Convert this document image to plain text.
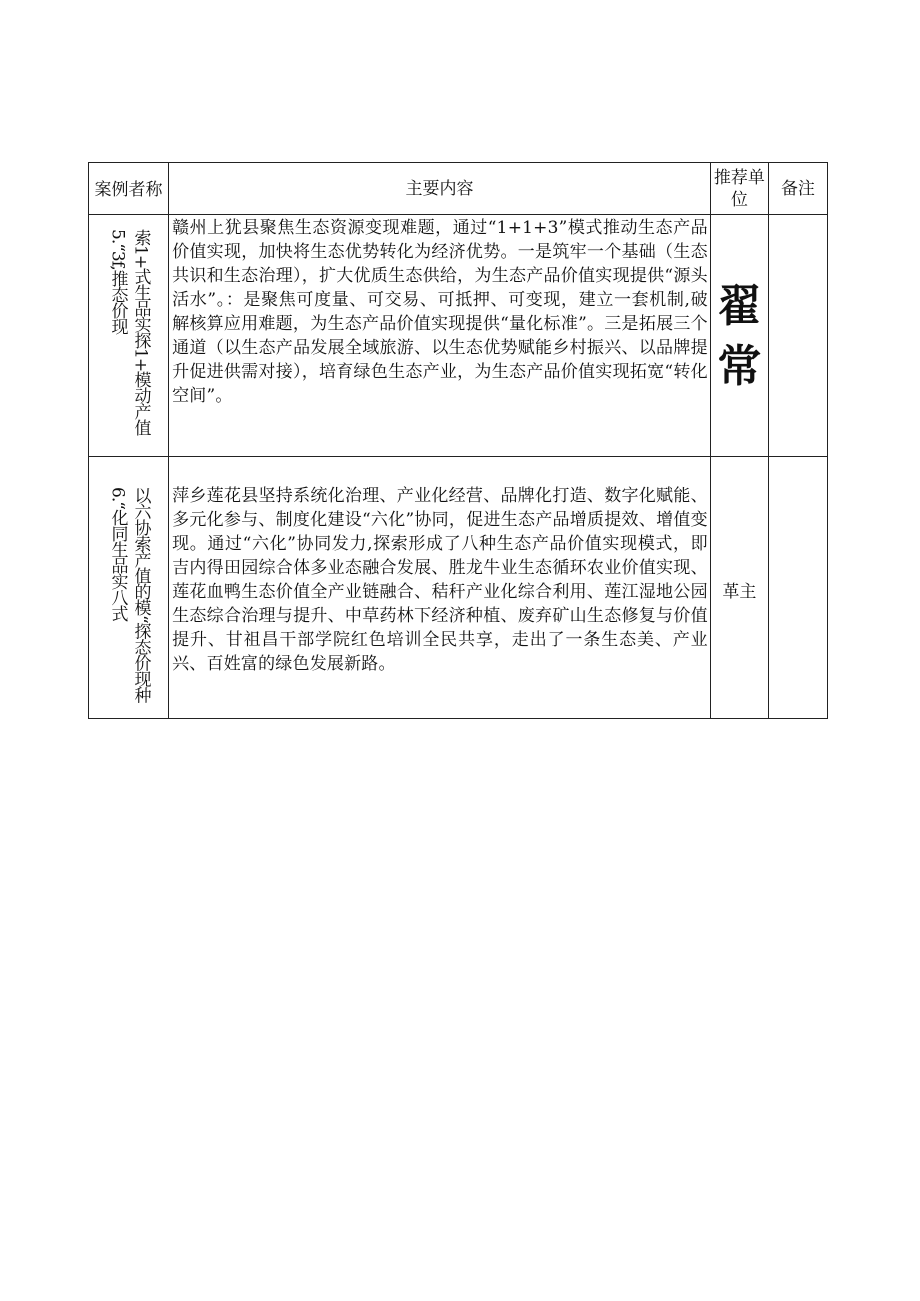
案例者称	主要内容	推荐单位	备注

索1+式生品实探1+模动产值5.“3f,推态价现	赣州上犹县聚焦生态资源变现难题，通过“1+1+3”模式推动生态产品价值实现，加快将生态优势转化为经济优势。一是筑牢一个基础（生态共识和生态治理），扩大优质生态供给，为生态产品价值实现提供“源头活水”。：是聚焦可度量、可交易、可抵押、可变现，建立一套机制,破解核算应用难题，为生态产品价值实现提供“量化标准”。三是拓展三个通道（以生态产品发展全域旅游、以生态优势赋能乡村振兴、以品牌提升促进供需对接），培育绿色生态产业，为生态产品价值实现拓宽“转化空间”。	翟常	

以六协索产值的模“探态价现种6.“化同生品实八式	萍乡莲花县坚持系统化治理、产业化经营、品牌化打造、数字化赋能、多元化参与、制度化建设“六化”协同，促进生态产品增质提效、增值变现。通过“六化”协同发力,探索形成了八种生态产品价值实现模式，即吉内得田园综合体多业态融合发展、胜龙牛业生态循环农业价值实现、莲花血鸭生态价值全产业链融合、秸秆产业化综合利用、莲江湿地公园生态综合治理与提升、中草药林下经济种植、废弃矿山生态修复与价值提升、甘祖昌干部学院红色培训全民共享，走出了一条生态美、产业兴、百姓富的绿色发展新路。	革主	
